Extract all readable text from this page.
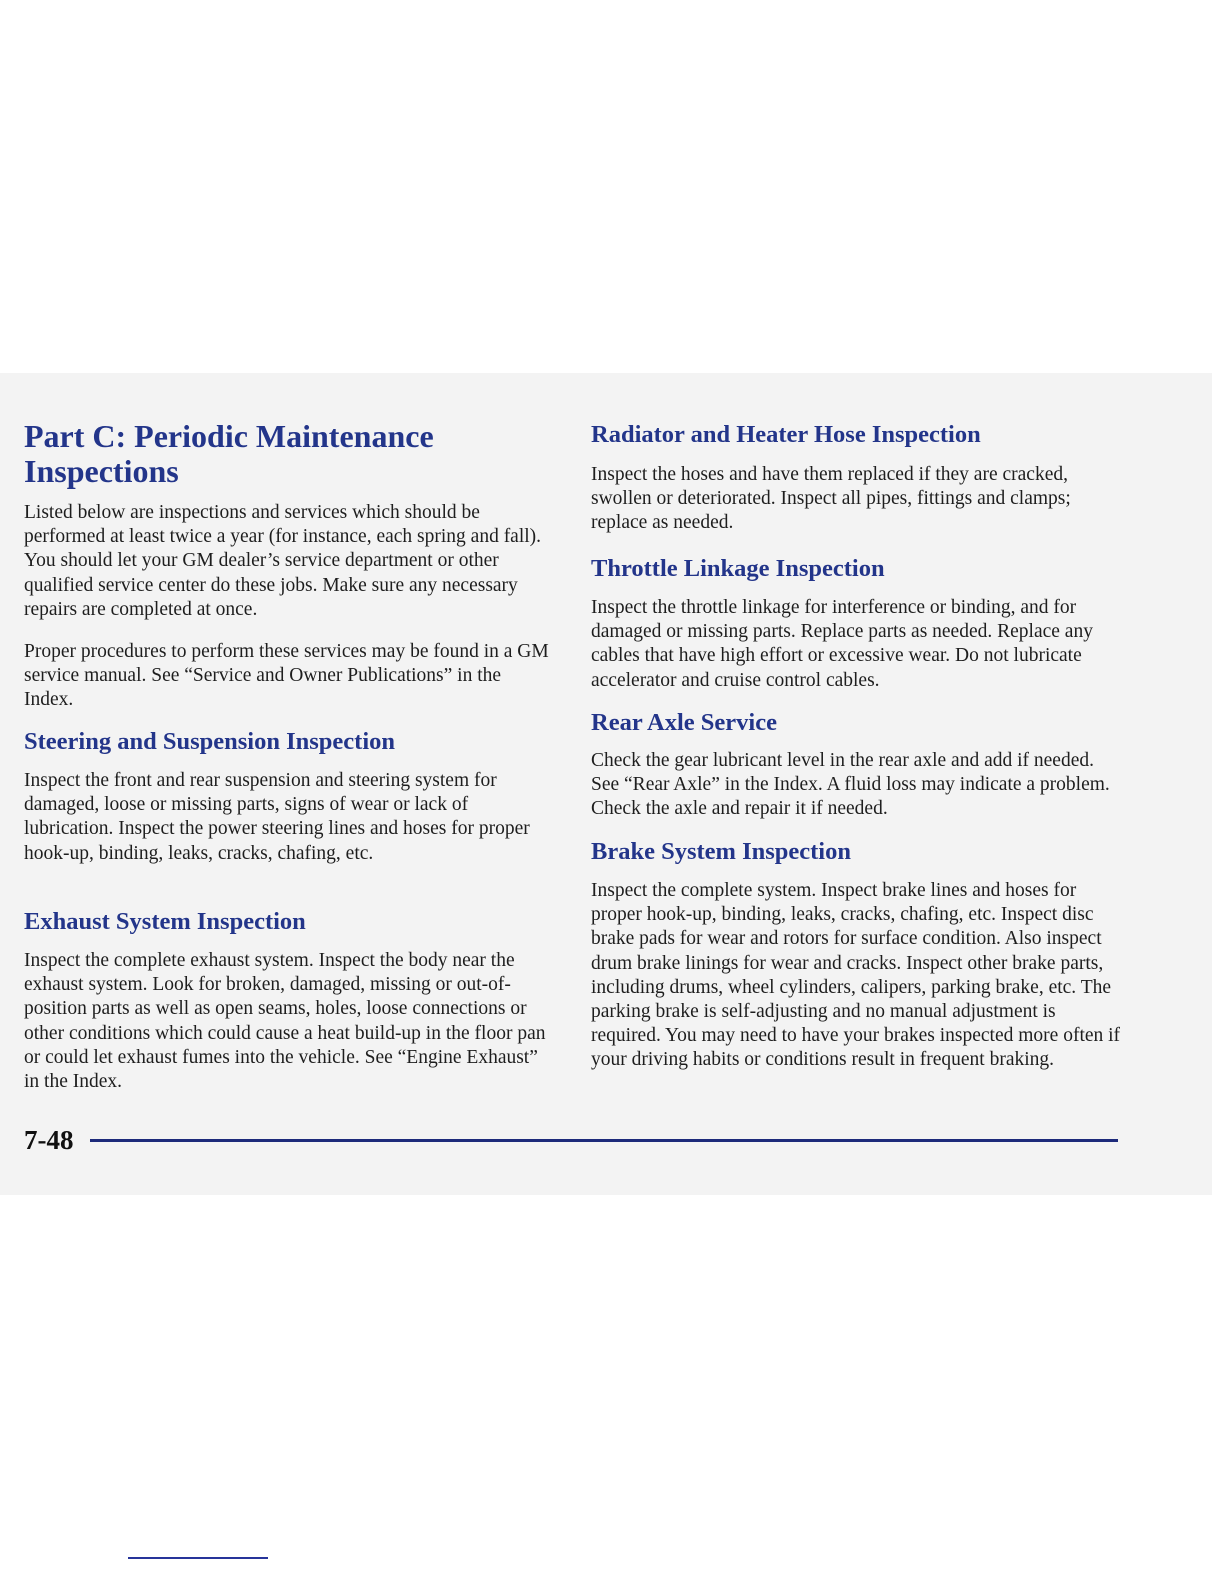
Part C: Periodic Maintenance Inspections

Listed below are inspections and services which should be performed at least twice a year (for instance, each spring and fall). You should let your GM dealer’s service department or other qualified service center do these jobs. Make sure any necessary repairs are completed at once.

Proper procedures to perform these services may be found in a GM service manual. See “Service and Owner Publications” in the Index.

Steering and Suspension Inspection

Inspect the front and rear suspension and steering system for damaged, loose or missing parts, signs of wear or lack of lubrication. Inspect the power steering lines and hoses for proper hook-up, binding, leaks, cracks, chafing, etc.

Exhaust System Inspection

Inspect the complete exhaust system. Inspect the body near the exhaust system. Look for broken, damaged, missing or out-of-position parts as well as open seams, holes, loose connections or other conditions which could cause a heat build-up in the floor pan or could let exhaust fumes into the vehicle. See “Engine Exhaust” in the Index.

Radiator and Heater Hose Inspection

Inspect the hoses and have them replaced if they are cracked, swollen or deteriorated. Inspect all pipes, fittings and clamps; replace as needed.

Throttle Linkage Inspection

Inspect the throttle linkage for interference or binding, and for damaged or missing parts. Replace parts as needed. Replace any cables that have high effort or excessive wear. Do not lubricate accelerator and cruise control cables.

Rear Axle Service

Check the gear lubricant level in the rear axle and add if needed. See “Rear Axle” in the Index. A fluid loss may indicate a problem. Check the axle and repair it if needed.

Brake System Inspection

Inspect the complete system. Inspect brake lines and hoses for proper hook-up, binding, leaks, cracks, chafing, etc. Inspect disc brake pads for wear and rotors for surface condition. Also inspect drum brake linings for wear and cracks. Inspect other brake parts, including drums, wheel cylinders, calipers, parking brake, etc. The parking brake is self-adjusting and no manual adjustment is required. You may need to have your brakes inspected more often if your driving habits or conditions result in frequent braking.

7-48
